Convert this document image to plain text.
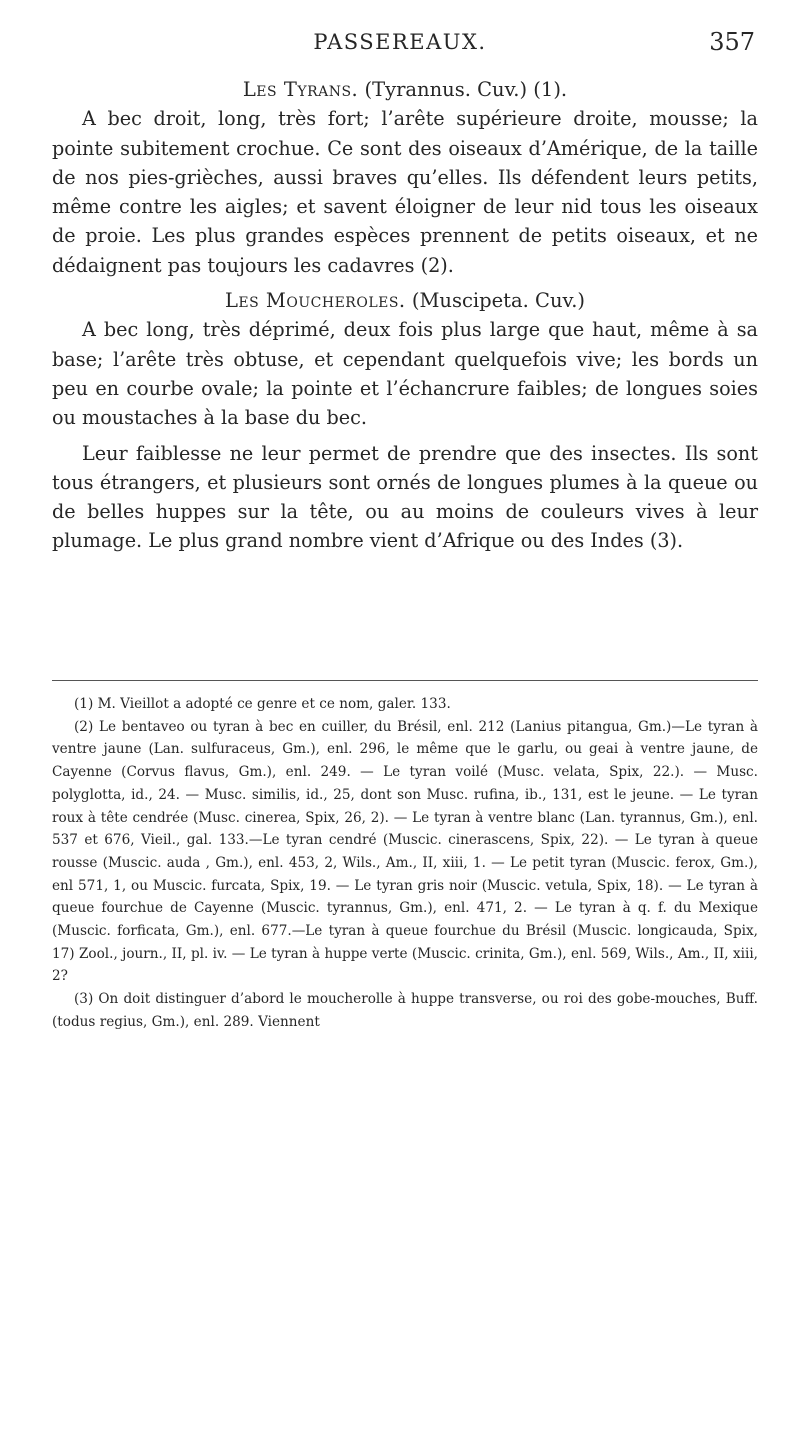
PASSEREAUX.	357

Les Tyrans. (Tyrannus. Cuv.) (1).

A bec droit, long, très fort; l’arête supérieure droite, mousse; la pointe subitement crochue. Ce sont des oiseaux d’Amérique, de la taille de nos pies-grièches, aussi braves qu’elles. Ils défendent leurs petits, même contre les aigles; et savent éloigner de leur nid tous les oiseaux de proie. Les plus grandes espèces prennent de petits oiseaux, et ne dédaignent pas toujours les cadavres (2).

Les Moucheroles. (Muscipeta. Cuv.)

A bec long, très déprimé, deux fois plus large que haut, même à sa base; l’arête très obtuse, et cependant quelquefois vive; les bords un peu en courbe ovale; la pointe et l’échancrure faibles; de longues soies ou moustaches à la base du bec.

Leur faiblesse ne leur permet de prendre que des insectes. Ils sont tous étrangers, et plusieurs sont ornés de longues plumes à la queue ou de belles huppes sur la tête, ou au moins de couleurs vives à leur plumage. Le plus grand nombre vient d’Afrique ou des Indes (3).

(1) M. Vieillot a adopté ce genre et ce nom, galer. 133.

(2) Le bentaveo ou tyran à bec en cuiller, du Brésil, enl. 212 (Lanius pitangua, Gm.)—Le tyran à ventre jaune (Lan. sulfuraceus, Gm.), enl. 296, le même que le garlu, ou geai à ventre jaune, de Cayenne (Corvus flavus, Gm.), enl. 249. — Le tyran voilé (Musc. velata, Spix, 22.). — Musc. polyglotta, id., 24. — Musc. similis, id., 25, dont son Musc. rufina, ib., 131, est le jeune. — Le tyran roux à tête cendrée (Musc. cinerea, Spix, 26, 2). — Le tyran à ventre blanc (Lan. tyrannus, Gm.), enl. 537 et 676, Vieil., gal. 133.—Le tyran cendré (Muscic. cinerascens, Spix, 22). — Le tyran à queue rousse (Muscic. auda , Gm.), enl. 453, 2, Wils., Am., II, xiii, 1. — Le petit tyran (Muscic. ferox, Gm.), enl 571, 1, ou Muscic. furcata, Spix, 19. — Le tyran gris noir (Muscic. vetula, Spix, 18). — Le tyran à queue fourchue de Cayenne (Muscic. tyrannus, Gm.), enl. 471, 2. — Le tyran à q. f. du Mexique (Muscic. forficata, Gm.), enl. 677.—Le tyran à queue fourchue du Brésil (Muscic. longicauda, Spix, 17) Zool., journ., II, pl. iv. — Le tyran à huppe verte (Muscic. crinita, Gm.), enl. 569, Wils., Am., II, xiii, 2?

(3) On doit distinguer d’abord le moucherolle à huppe transverse, ou roi des gobe-mouches, Buff. (todus regius, Gm.), enl. 289. Viennent
